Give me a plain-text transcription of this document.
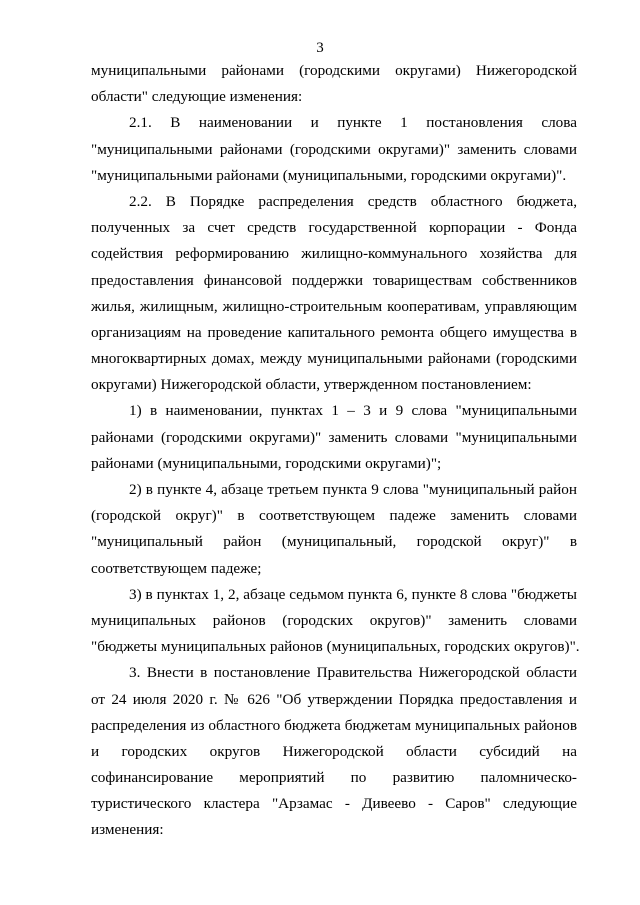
3
муниципальными районами (городскими округами) Нижегородской
области" следующие изменения:
2.1. В наименовании и пункте 1 постановления слова
"муниципальными районами (городскими округами)" заменить словами
"муниципальными районами (муниципальными, городскими округами)".
2.2. В Порядке распределения средств областного бюджета,
полученных за счет средств государственной корпорации - Фонда
содействия реформированию жилищно-коммунального хозяйства для
предоставления финансовой поддержки товариществам собственников
жилья, жилищным, жилищно-строительным кооперативам, управляющим
организациям на проведение капитального ремонта общего имущества в
многоквартирных домах, между муниципальными районами (городскими
округами) Нижегородской области, утвержденном постановлением:
1) в наименовании, пунктах 1 – 3 и 9 слова "муниципальными
районами (городскими округами)" заменить словами "муниципальными
районами (муниципальными, городскими округами)";
2) в пункте 4, абзаце третьем пункта 9 слова "муниципальный район
(городской округ)" в соответствующем падеже заменить словами
"муниципальный район (муниципальный, городской округ)" в
соответствующем падеже;
3) в пунктах 1, 2, абзаце седьмом пункта 6, пункте 8 слова "бюджеты
муниципальных районов (городских округов)" заменить словами
"бюджеты муниципальных районов (муниципальных, городских округов)".
3. Внести в постановление Правительства Нижегородской области
от 24 июля 2020 г. № 626 "Об утверждении Порядка предоставления и
распределения из областного бюджета бюджетам муниципальных районов
и городских округов Нижегородской области субсидий на
софинансирование мероприятий по развитию паломническо-
туристического кластера "Арзамас - Дивеево - Саров" следующие
изменения:
